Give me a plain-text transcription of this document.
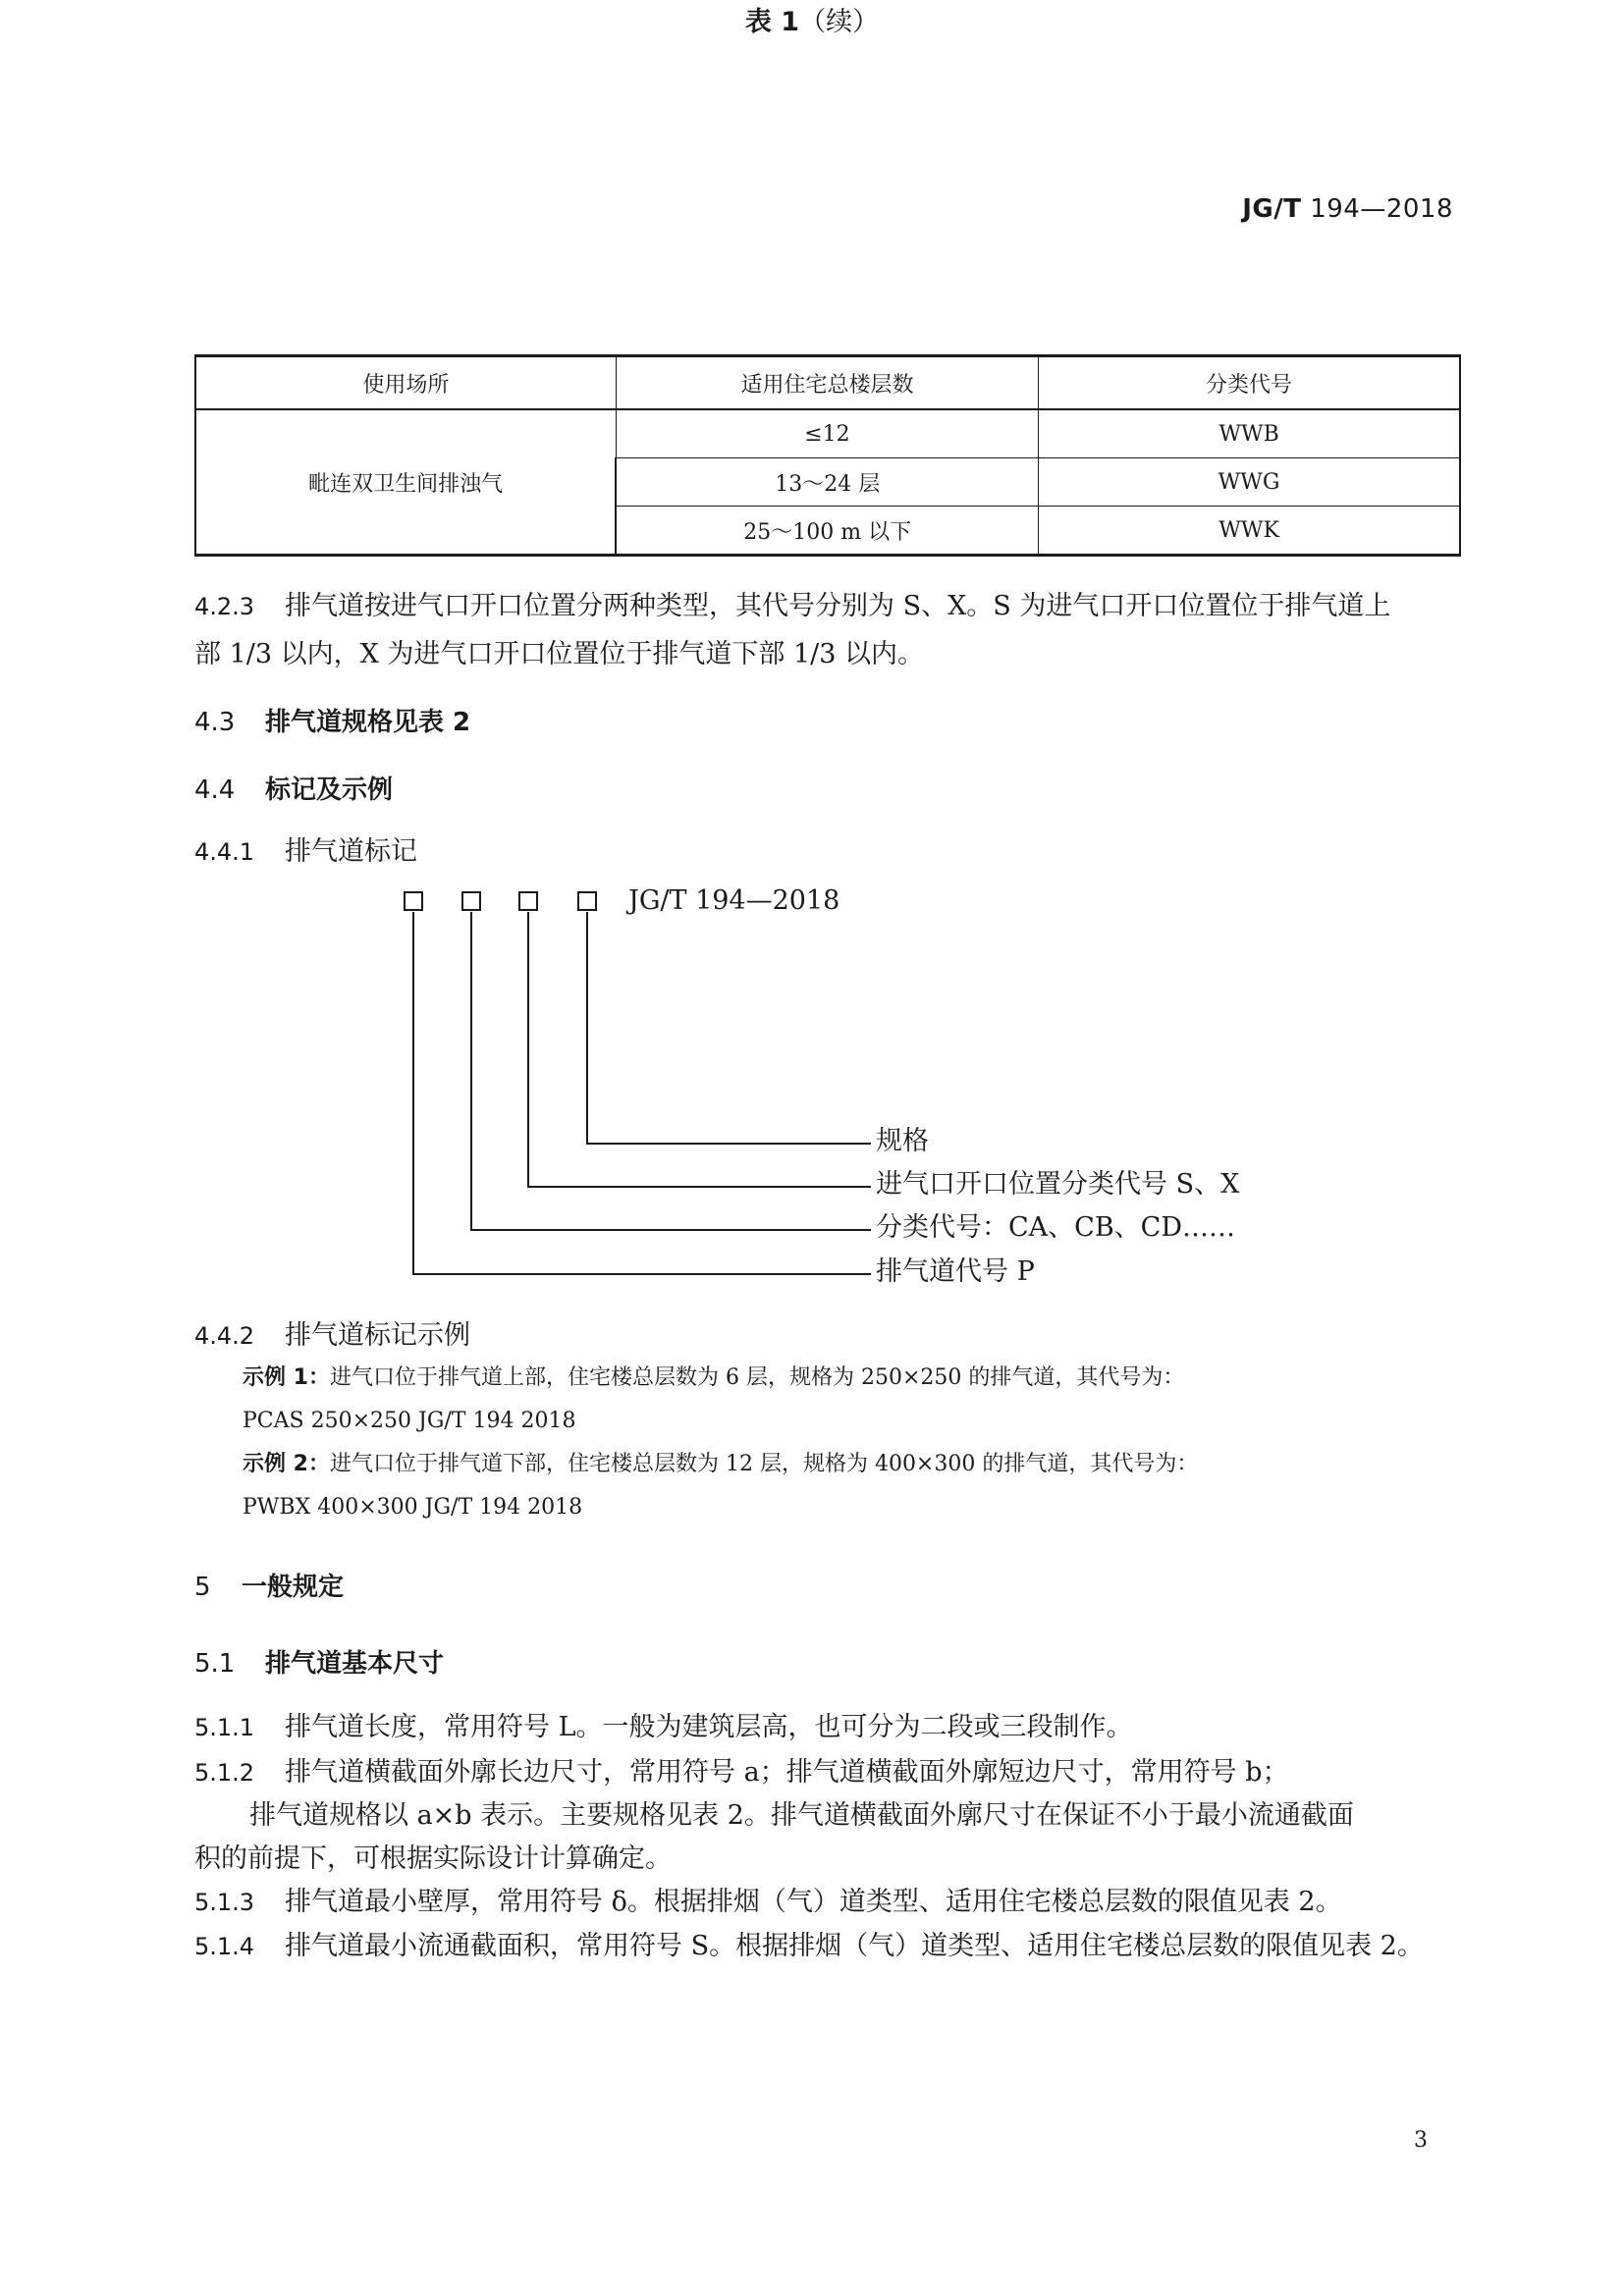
JG/T 194—2018
表 1（续）
使用场所	适用住宅总楼层数	分类代号
毗连双卫生间排浊气	≤12	WWB
	13～24 层	WWG
	25～100 m 以下	WWK
4.2.3 排气道按进气口开口位置分两种类型，其代号分别为 S、X。S 为进气口开口位置位于排气道上
部 1/3 以内，X 为进气口开口位置位于排气道下部 1/3 以内。
4.3 排气道规格见表 2
4.4 标记及示例
4.4.1 排气道标记
JG/T 194—2018
规格
进气口开口位置分类代号 S、X
分类代号：CA、CB、CD……
排气道代号 P
4.4.2 排气道标记示例
示例 1：进气口位于排气道上部，住宅楼总层数为 6 层，规格为 250×250 的排气道，其代号为：
PCAS 250×250 JG/T 194 2018
示例 2：进气口位于排气道下部，住宅楼总层数为 12 层，规格为 400×300 的排气道，其代号为：
PWBX 400×300 JG/T 194 2018
5 一般规定
5.1 排气道基本尺寸
5.1.1 排气道长度，常用符号 L。一般为建筑层高，也可分为二段或三段制作。
5.1.2 排气道横截面外廓长边尺寸，常用符号 a；排气道横截面外廓短边尺寸，常用符号 b；
排气道规格以 a×b 表示。主要规格见表 2。排气道横截面外廓尺寸在保证不小于最小流通截面
积的前提下，可根据实际设计计算确定。
5.1.3 排气道最小壁厚，常用符号 δ。根据排烟（气）道类型、适用住宅楼总层数的限值见表 2。
5.1.4 排气道最小流通截面积，常用符号 S。根据排烟（气）道类型、适用住宅楼总层数的限值见表 2。
3
